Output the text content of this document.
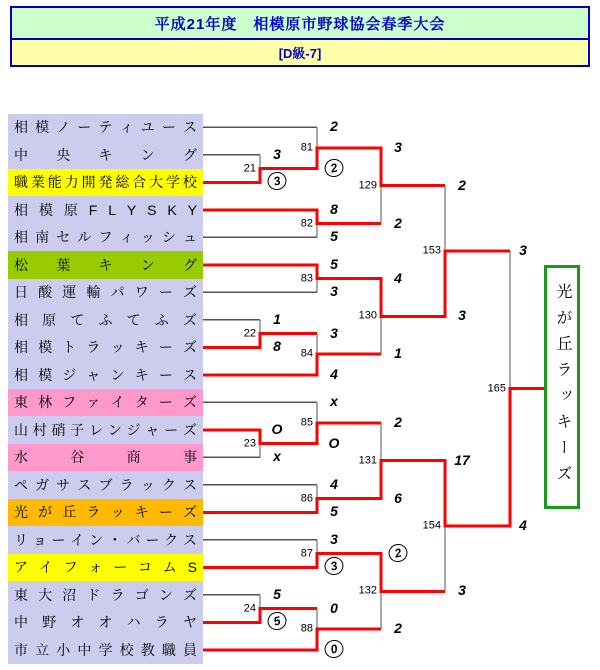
平成21年度　相模原市野球協会春季大会
[D級-7]
相 模 ノ ー テ ィ ユ ー ス
中 央 キ ン グ
職 業 能 力 開 発 総 合 大 学 校
相 模 原 F L Y S K Y
相 南 セ ル フ ィ ッ シ ュ
松 葉 キ ン グ
日 酸 運 輸 パ ワ ー ズ
相 原 て ふ て ふ ズ
相 模 ト ラ ッ キ ー ズ
相 模 ジ ャ ン キ ー ス
東 林 フ ァ イ タ ー ズ
山 村 硝 子 レ ン ジ ャ ー ズ
水	谷	商	事
ペ ガ サ ス ブ ラ ッ ク ス
光 が 丘 ラ ッ キ ー ズ
リ ョ ー イ ン ・ バ ー ク ス
ア イ フ ォ ー コ ム S
東 大 沼 ド ラ ゴ ン ズ
中 野 オ オ ハ ラ ヤ
市 立 小 中 学 校 教 職 員
21
3
3
22
1
8
23
O
x
24
5
5
81
2
2
82
8
5
83
5
3
84
3
4
85
x
O
86
4
5
87
3
3
88
0
0
129
3
2
130
4
1
131
2
6
132
2
2
153
2
3
154
17
3
165
3
4
光が丘ラッキーズ
